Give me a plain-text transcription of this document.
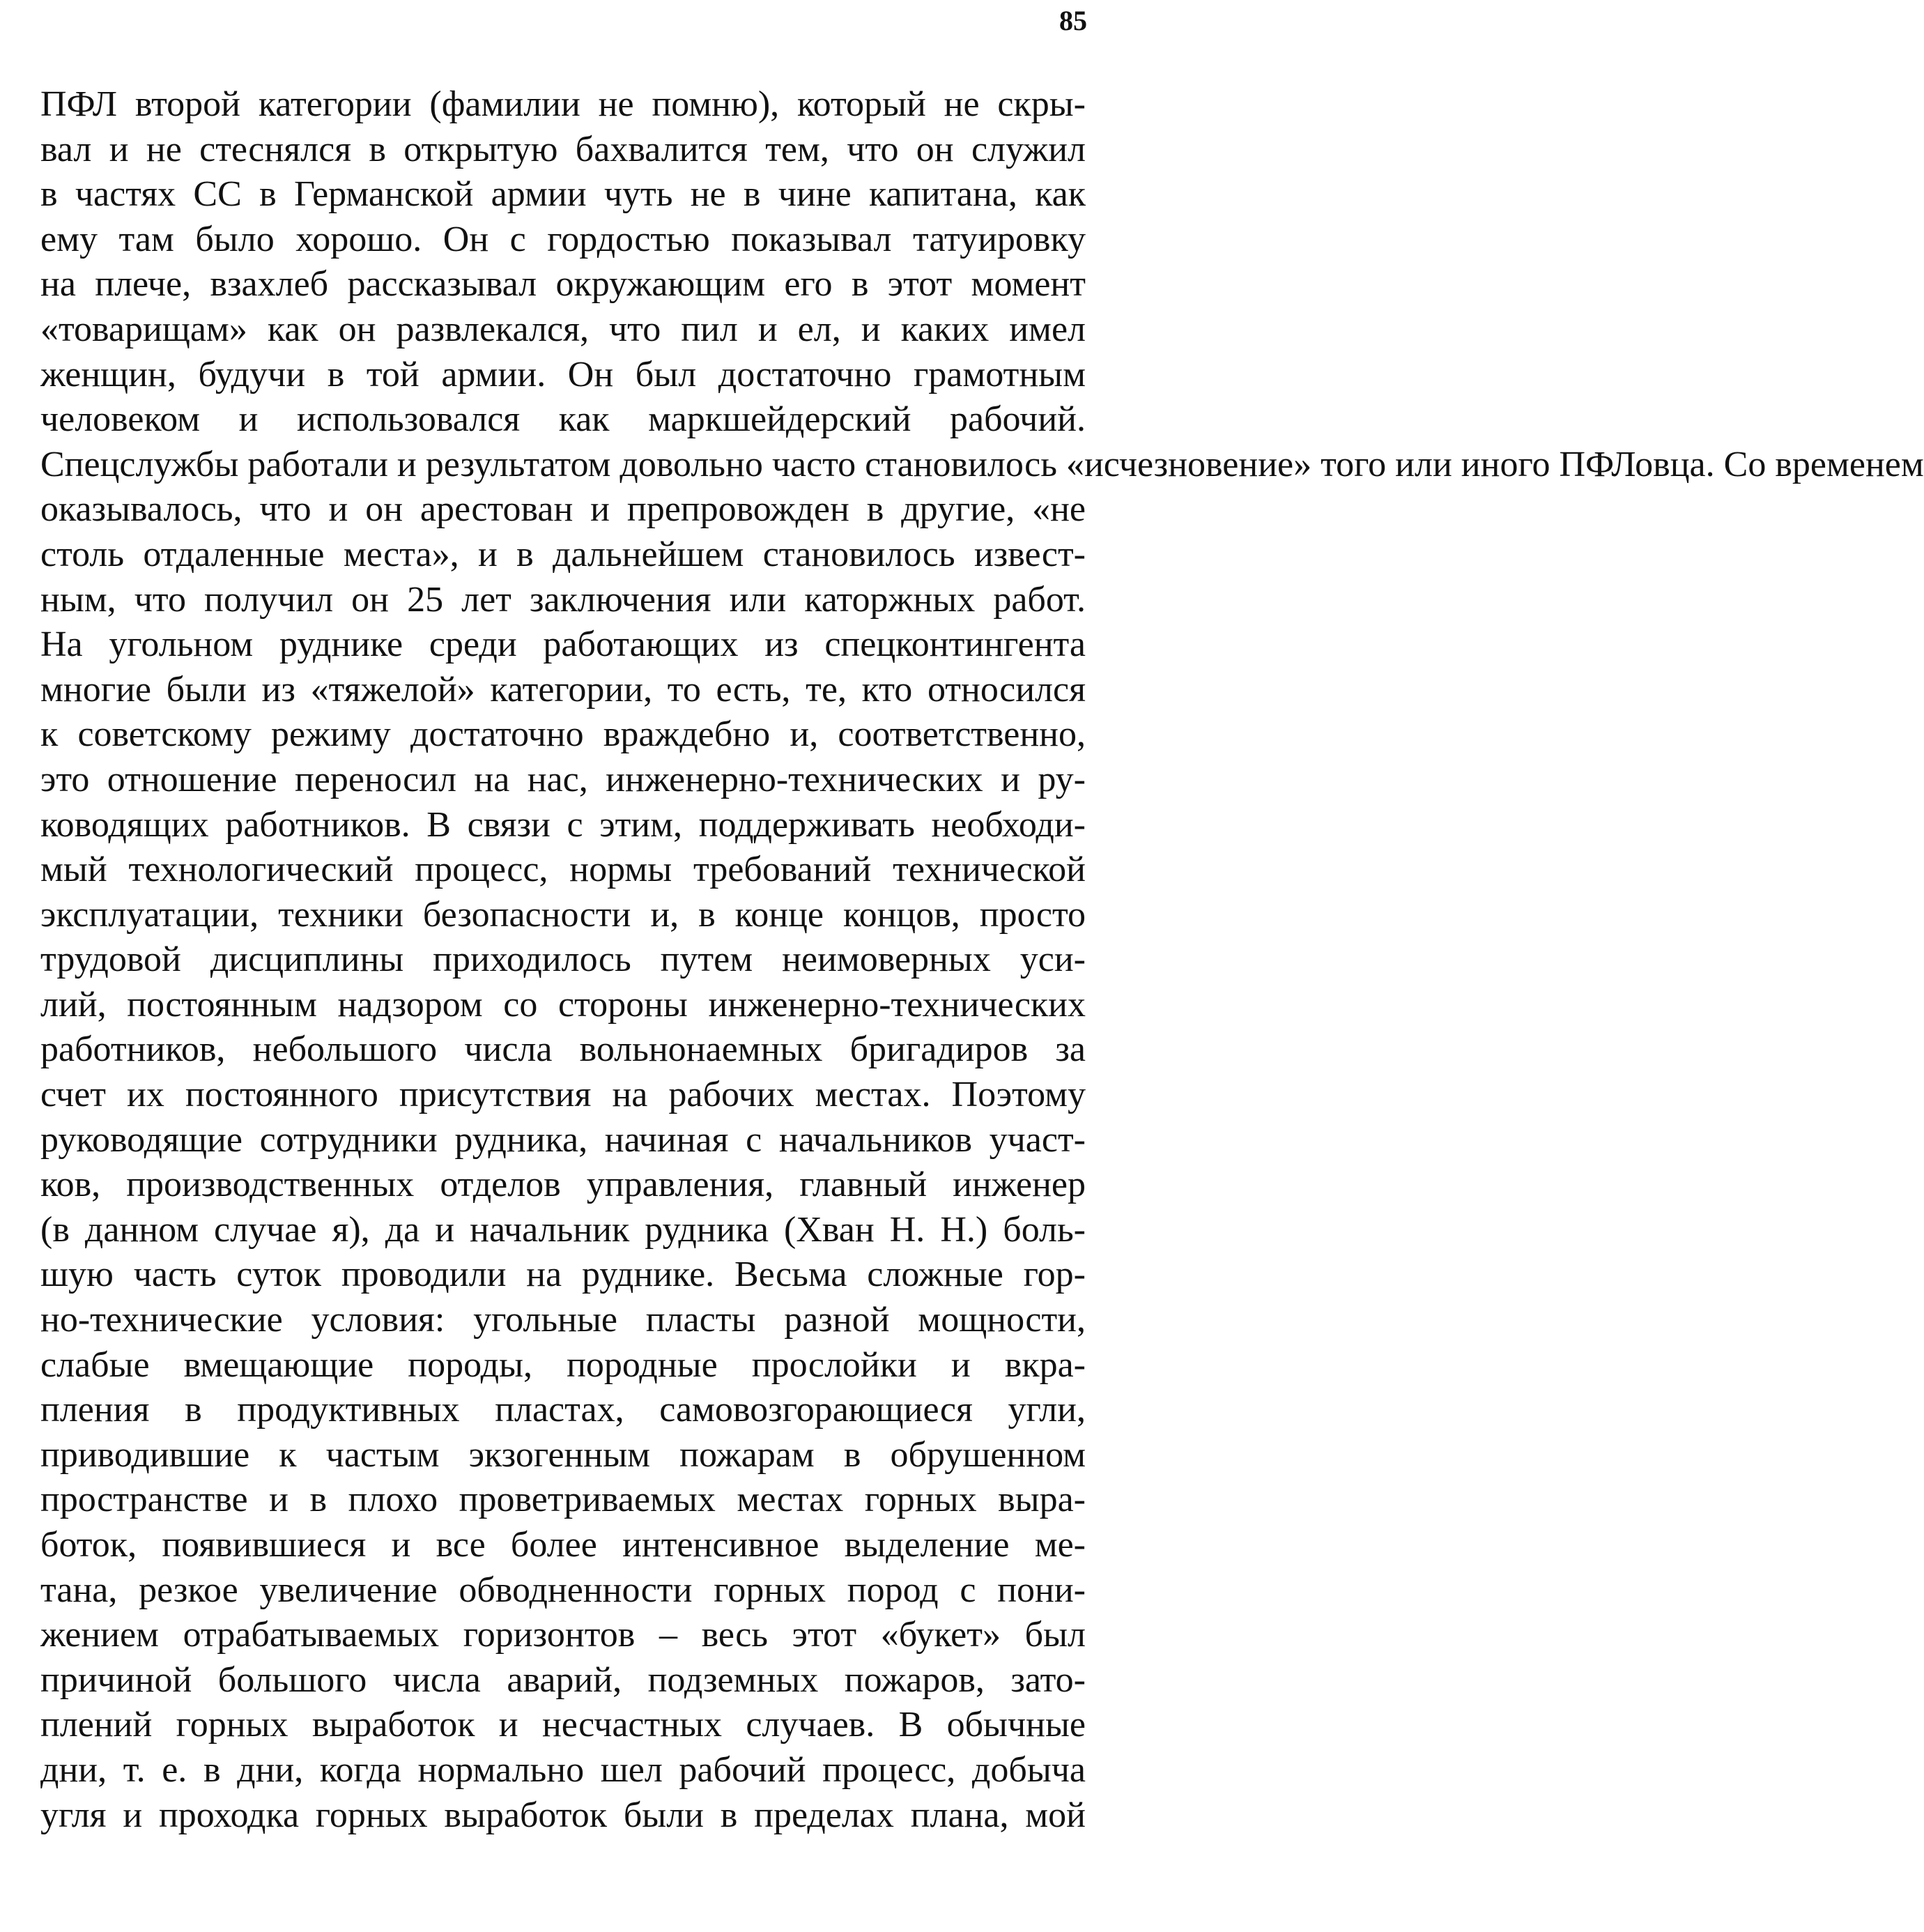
85
ПФЛ второй категории (фамилии не помню), который не скры-
вал и не стеснялся в открытую бахвалится тем, что он служил
в частях СС в Германской армии чуть не в чине капитана, как
ему там было хорошо. Он с гордостью показывал татуировку
на плече, взахлеб рассказывал окружающим его в этот момент
«товарищам» как он развлекался, что пил и ел, и каких имел
женщин, будучи в той армии. Он был достаточно грамотным
человеком и использовался как маркшейдерский рабочий.
Спецслужбы работали и результатом довольно часто становилось «исчезновение» того или иного ПФЛовца. Со временем
оказывалось, что и он арестован и препровожден в другие, «не
столь отдаленные места», и в дальнейшем становилось извест-
ным, что получил он 25 лет заключения или каторжных работ.
На угольном руднике среди работающих из спецконтингента
многие были из «тяжелой» категории, то есть, те, кто относился
к советскому режиму достаточно враждебно и, соответственно,
это отношение переносил на нас, инженерно-технических и ру-
ководящих работников. В связи с этим, поддерживать необходи-
мый технологический процесс, нормы требований технической
эксплуатации, техники безопасности и, в конце концов, просто
трудовой дисциплины приходилось путем неимоверных уси-
лий, постоянным надзором со стороны инженерно-технических
работников, небольшого числа вольнонаемных бригадиров за
счет их постоянного присутствия на рабочих местах. Поэтому
руководящие сотрудники рудника, начиная с начальников участ-
ков, производственных отделов управления, главный инженер
(в данном случае я), да и начальник рудника (Хван Н. Н.) боль-
шую часть суток проводили на руднике. Весьма сложные гор-
но-технические условия: угольные пласты разной мощности,
слабые вмещающие породы, породные прослойки и вкра-
пления в продуктивных пластах, самовозгорающиеся угли,
приводившие к частым экзогенным пожарам в обрушенном
пространстве и в плохо проветриваемых местах горных выра-
боток, появившиеся и все более интенсивное выделение ме-
тана, резкое увеличение обводненности горных пород с пони-
жением отрабатываемых горизонтов – весь этот «букет» был
причиной большого числа аварий, подземных пожаров, зато-
плений горных выработок и несчастных случаев. В обычные
дни, т. е. в дни, когда нормально шел рабочий процесс, добыча
угля и проходка горных выработок были в пределах плана, мой
